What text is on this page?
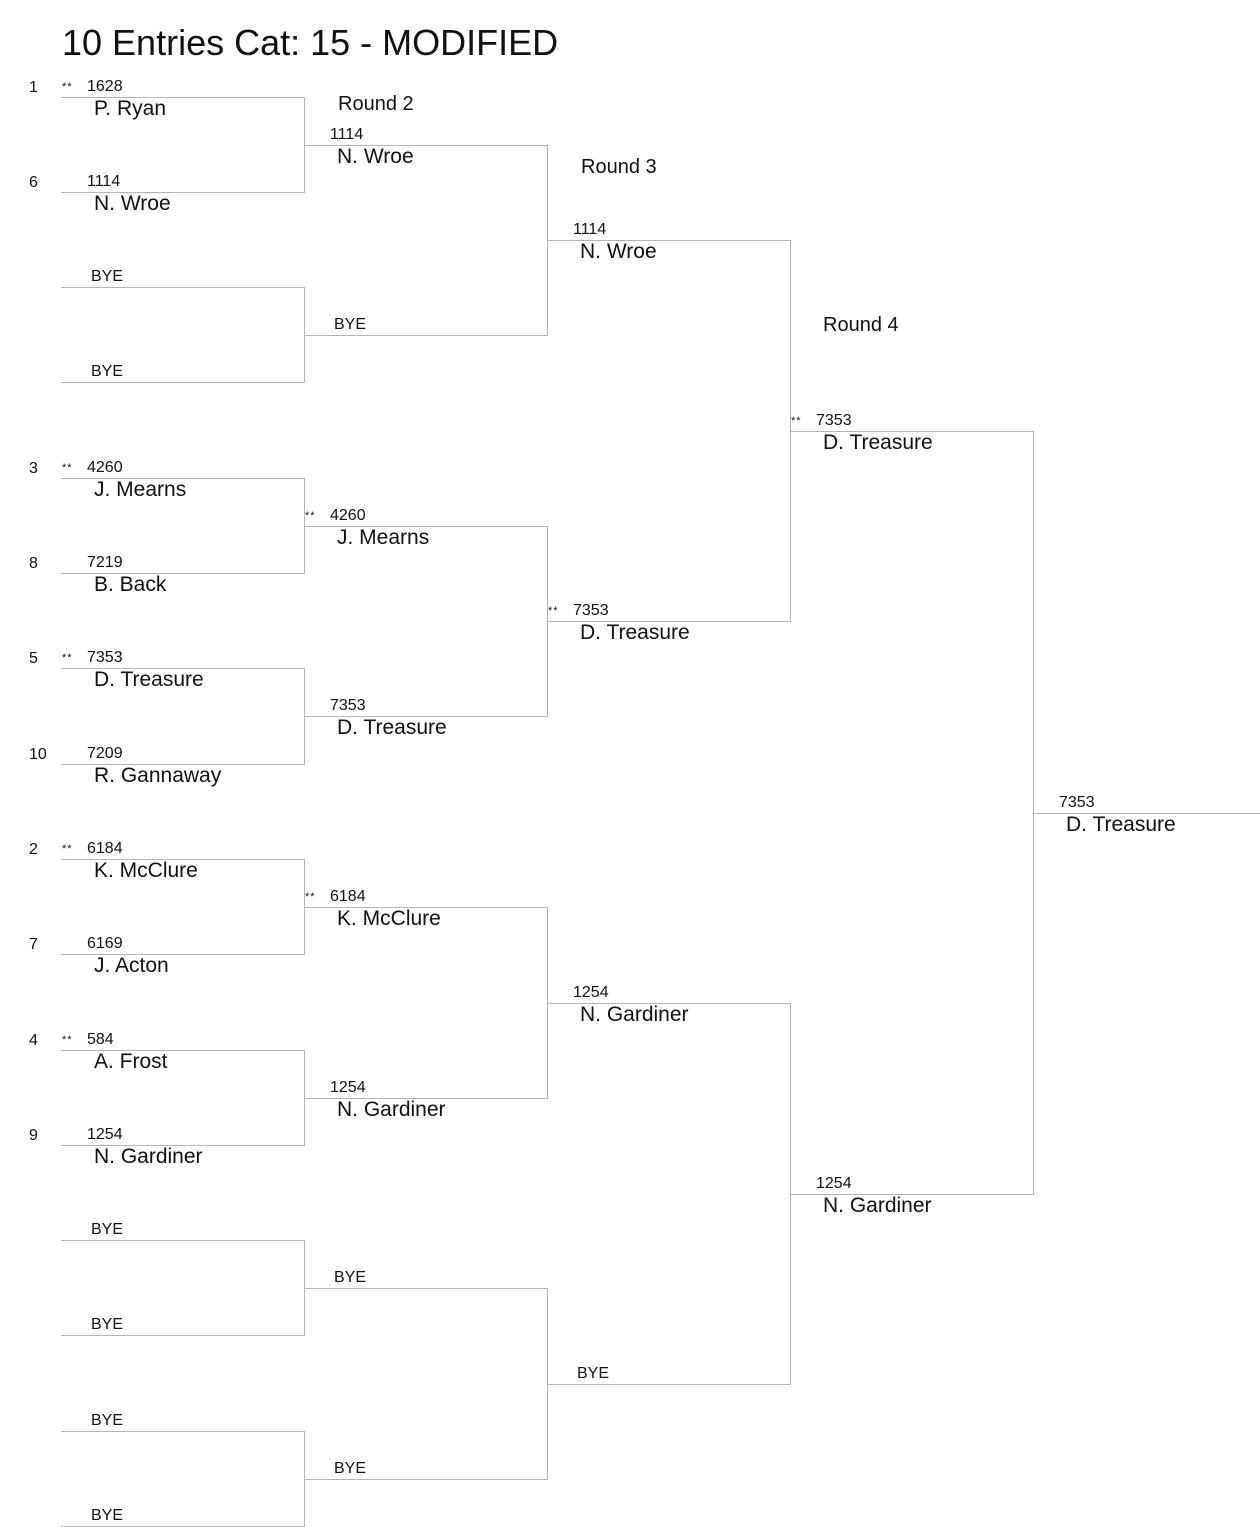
10 Entries Cat: 15 - MODIFIED
Round 2
Round 3
Round 4
1 ** 1628
P. Ryan
6	1114
N. Wroe
BYE
BYE
3 ** 4260
J. Mearns
8	7219
B. Back
5 ** 7353
D. Treasure
10	7209
R. Gannaway
2 ** 6184
K. McClure
7	6169
J. Acton
4 ** 584
A. Frost
9	1254
N. Gardiner
BYE
BYE
BYE
BYE
1114
N. Wroe
BYE
** 4260
J. Mearns
7353
D. Treasure
** 6184
K. McClure
1254
N. Gardiner
BYE
BYE
1114
N. Wroe
** 7353
D. Treasure
1254
N. Gardiner
BYE
** 7353
D. Treasure
1254
N. Gardiner
7353
D. Treasure
